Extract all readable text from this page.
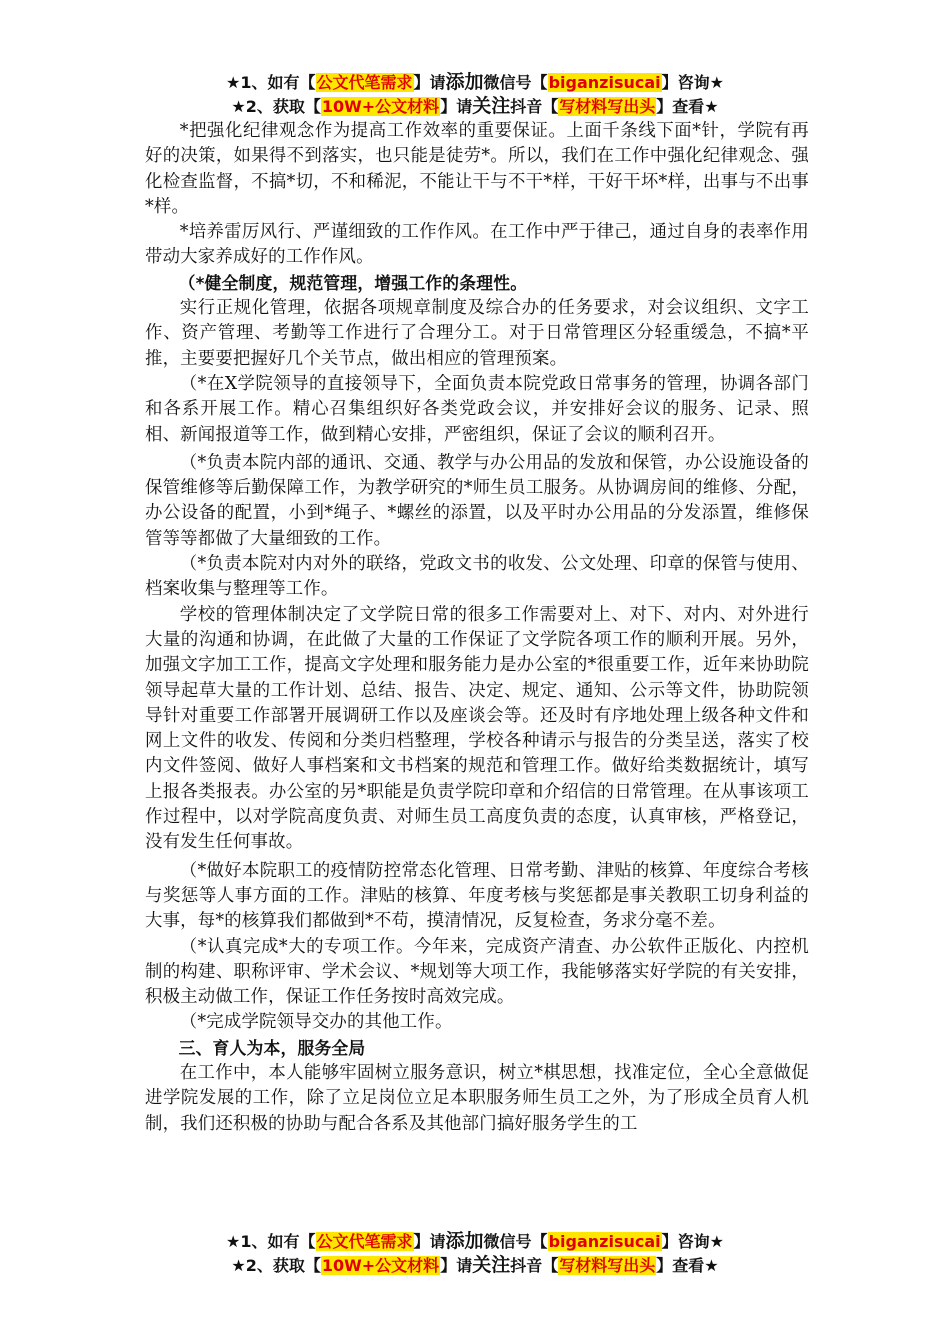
★1、如有【公文代笔需求】请添加微信号【biganzisucai】咨询★
★2、获取【10W+公文材料】请关注抖音【写材料写出头】查看★

*把强化纪律观念作为提高工作效率的重要保证。上面千条线下面*针，学院有再好的决策，如果得不到落实，也只能是徒劳*。所以，我们在工作中强化纪律观念、强化检查监督，不搞*切，不和稀泥，不能让干与不干*样，干好干坏*样，出事与不出事*样。

*培养雷厉风行、严谨细致的工作作风。在工作中严于律己，通过自身的表率作用带动大家养成好的工作作风。

（*健全制度，规范管理，增强工作的条理性。

实行正规化管理，依据各项规章制度及综合办的任务要求，对会议组织、文字工作、资产管理、考勤等工作进行了合理分工。对于日常管理区分轻重缓急，不搞*平推，主要要把握好几个关节点，做出相应的管理预案。

（*在X学院领导的直接领导下，全面负责本院党政日常事务的管理，协调各部门和各系开展工作。精心召集组织好各类党政会议，并安排好会议的服务、记录、照相、新闻报道等工作，做到精心安排，严密组织，保证了会议的顺利召开。

（*负责本院内部的通讯、交通、教学与办公用品的发放和保管，办公设施设备的保管维修等后勤保障工作，为教学研究的*师生员工服务。从协调房间的维修、分配，办公设备的配置，小到*绳子、*螺丝的添置，以及平时办公用品的分发添置，维修保管等等都做了大量细致的工作。

（*负责本院对内对外的联络，党政文书的收发、公文处理、印章的保管与使用、档案收集与整理等工作。

学校的管理体制决定了文学院日常的很多工作需要对上、对下、对内、对外进行大量的沟通和协调，在此做了大量的工作保证了文学院各项工作的顺利开展。另外，加强文字加工工作，提高文字处理和服务能力是办公室的*很重要工作，近年来协助院领导起草大量的工作计划、总结、报告、决定、规定、通知、公示等文件，协助院领导针对重要工作部署开展调研工作以及座谈会等。还及时有序地处理上级各种文件和网上文件的收发、传阅和分类归档整理，学校各种请示与报告的分类呈送，落实了校内文件签阅、做好人事档案和文书档案的规范和管理工作。做好给类数据统计，填写上报各类报表。办公室的另*职能是负责学院印章和介绍信的日常管理。在从事该项工作过程中，以对学院高度负责、对师生员工高度负责的态度，认真审核，严格登记，没有发生任何事故。

（*做好本院职工的疫情防控常态化管理、日常考勤、津贴的核算、年度综合考核与奖惩等人事方面的工作。津贴的核算、年度考核与奖惩都是事关教职工切身利益的大事，每*的核算我们都做到*不苟，摸清情况，反复检查，务求分毫不差。

（*认真完成*大的专项工作。今年来，完成资产清查、办公软件正版化、内控机制的构建、职称评审、学术会议、*规划等大项工作，我能够落实好学院的有关安排，积极主动做工作，保证工作任务按时高效完成。

（*完成学院领导交办的其他工作。

三、育人为本，服务全局

在工作中，本人能够牢固树立服务意识，树立*棋思想，找准定位，全心全意做促进学院发展的工作，除了立足岗位立足本职服务师生员工之外，为了形成全员育人机制，我们还积极的协助与配合各系及其他部门搞好服务学生的工

★1、如有【公文代笔需求】请添加微信号【biganzisucai】咨询★
★2、获取【10W+公文材料】请关注抖音【写材料写出头】查看★
